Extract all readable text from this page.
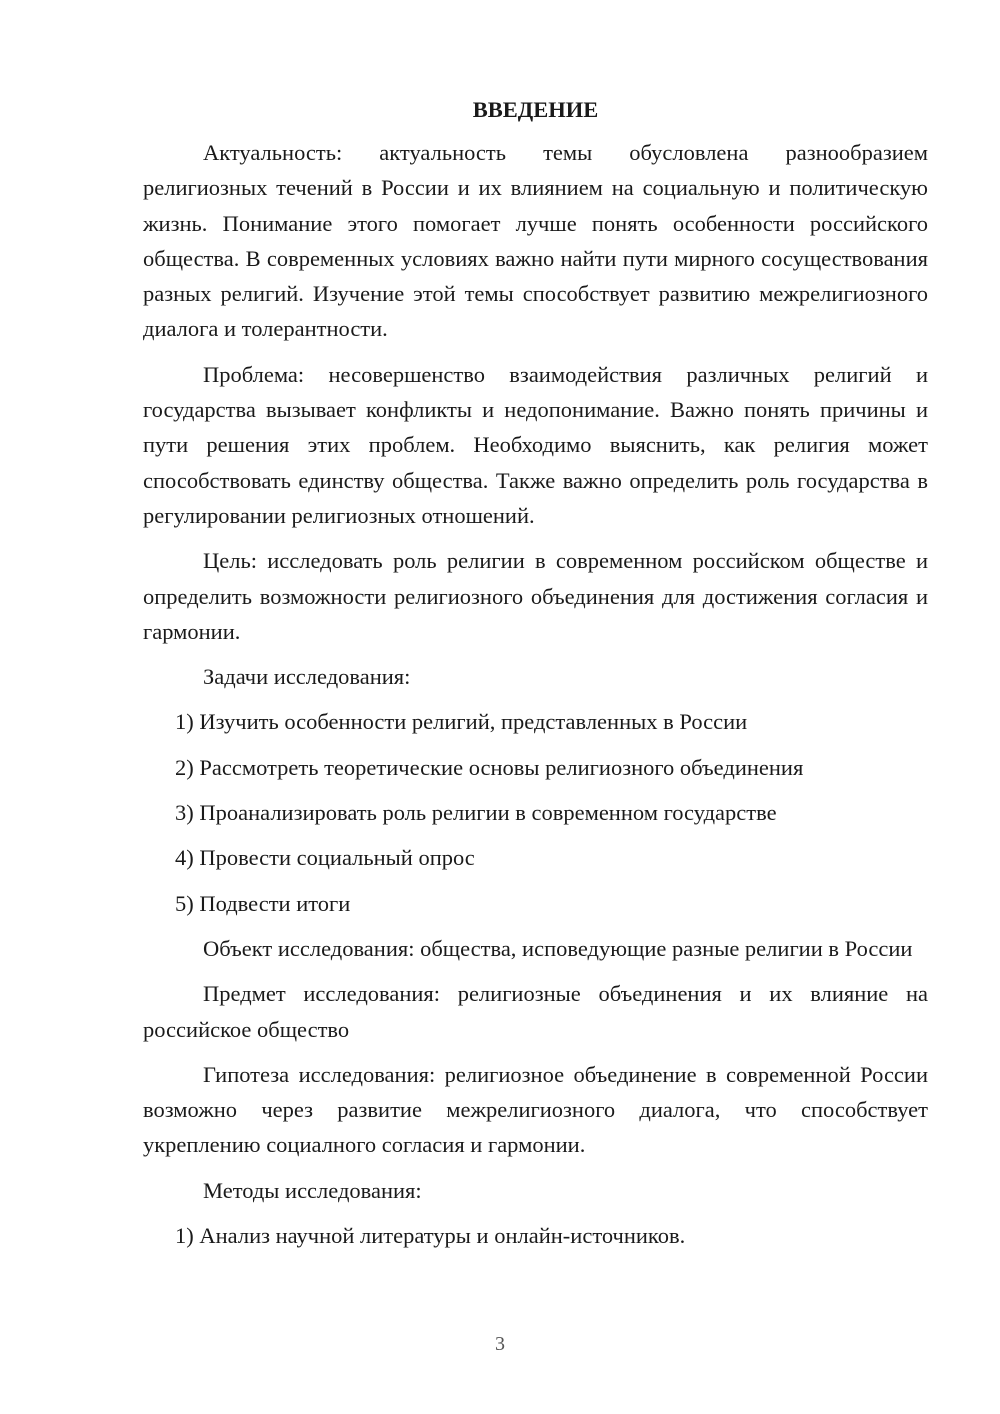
ВВЕДЕНИЕ

Актуальность: актуальность темы обусловлена разнообразием религиозных течений в России и их влиянием на социальную и политическую жизнь. Понимание этого помогает лучше понять особенности российского общества. В современных условиях важно найти пути мирного сосуществования разных религий. Изучение этой темы способствует развитию межрелигиозного диалога и толерантности.

Проблема: несовершенство взаимодействия различных религий и государства вызывает конфликты и недопонимание. Важно понять причины и пути решения этих проблем. Необходимо выяснить, как религия может способствовать единству общества. Также важно определить роль государства в регулировании религиозных отношений.

Цель: исследовать роль религии в современном российском обществе и определить возможности религиозного объединения для достижения согласия и гармонии.

Задачи исследования:

1) Изучить особенности религий, представленных в России
2) Рассмотреть теоретические основы религиозного объединения
3) Проанализировать роль религии в современном государстве
4) Провести социальный опрос
5) Подвести итоги

Объект исследования: общества, исповедующие разные религии в России

Предмет исследования: религиозные объединения и их влияние на российское общество

Гипотеза исследования: религиозное объединение в современной России возможно через развитие межрелигиозного диалога, что способствует укреплению социалного согласия и гармонии.

Методы исследования:

1) Анализ научной литературы и онлайн-источников.
3
